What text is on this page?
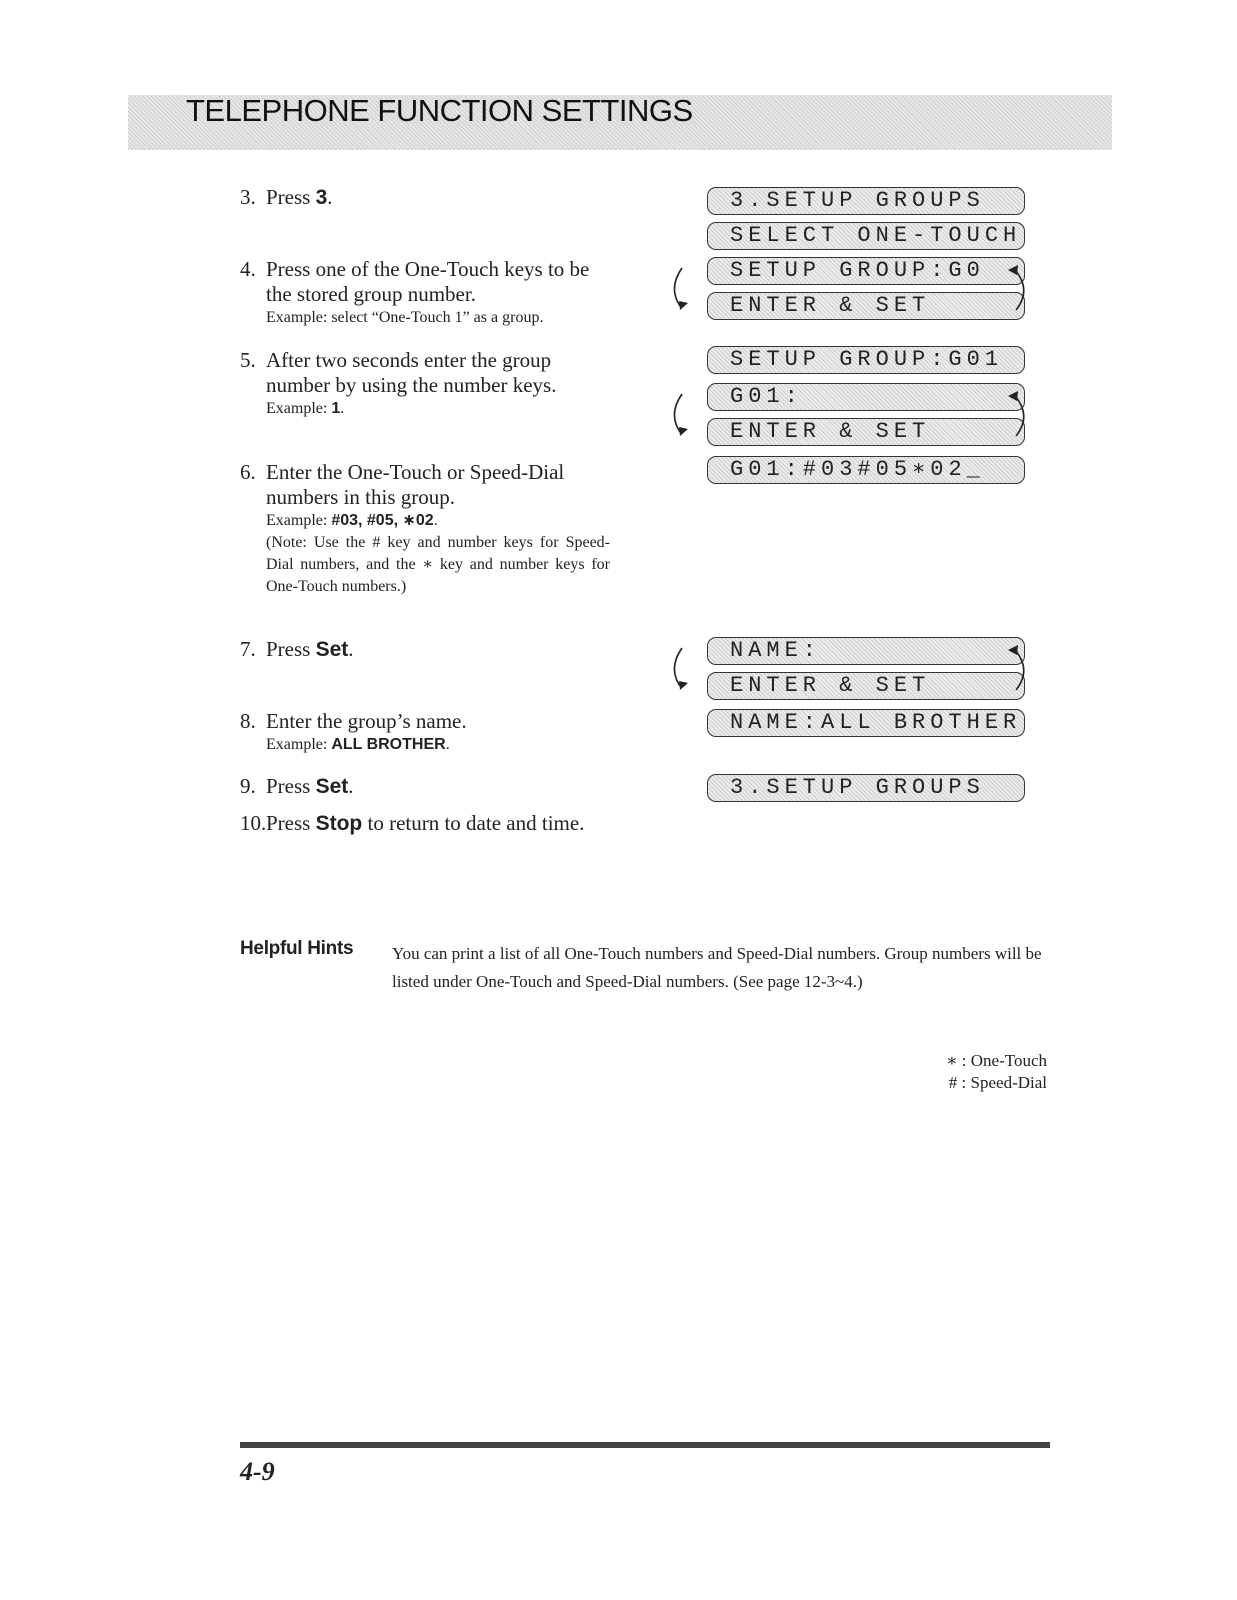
TELEPHONE FUNCTION SETTINGS
3. Press 3.
4. Press one of the One-Touch keys to be the stored group number.
Example: select “One-Touch 1” as a group.
5. After two seconds enter the group number by using the number keys.
Example: 1.
6. Enter the One-Touch or Speed-Dial numbers in this group.
Example: #03, #05, ∗02.
(Note: Use the # key and number keys for Speed-Dial numbers, and the ∗ key and number keys for One-Touch numbers.)
7. Press Set.
8. Enter the group’s name.
Example: ALL BROTHER.
9. Press Set.
10. Press Stop to return to date and time.
3.SETUP GROUPS
SELECT ONE-TOUCH
SETUP GROUP:G0
ENTER & SET
SETUP GROUP:G01
G01:
ENTER & SET
G01:#03#05∗02_
NAME:
ENTER & SET
NAME:ALL BROTHER
3.SETUP GROUPS
Helpful Hints You can print a list of all One-Touch numbers and Speed-Dial numbers. Group numbers will be listed under One-Touch and Speed-Dial numbers. (See page 12-3~4.)
∗ : One-Touch
# : Speed-Dial
4-9
